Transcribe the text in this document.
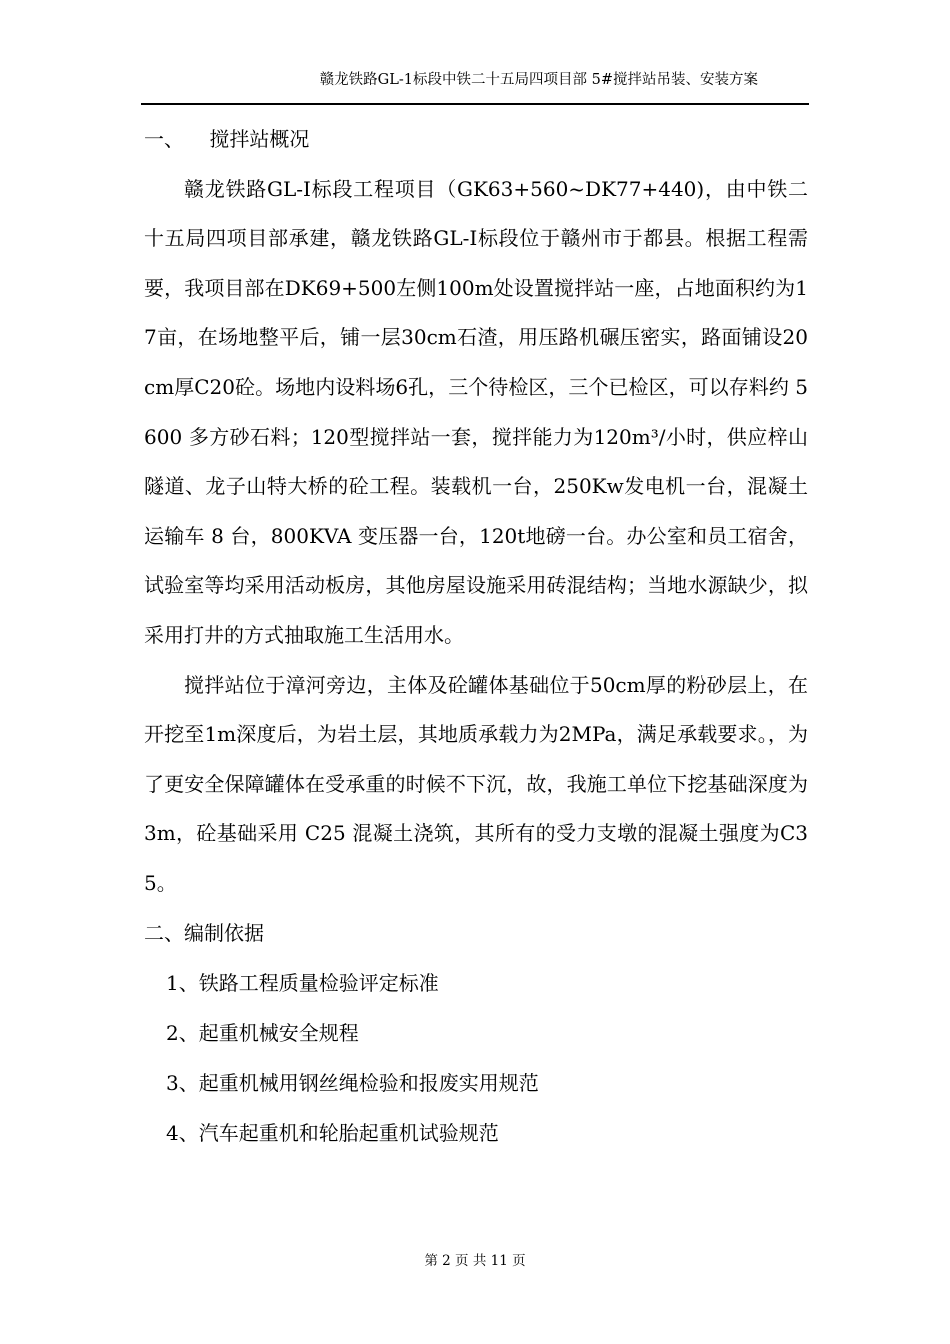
赣龙铁路GL-1标段中铁二十五局四项目部 5#搅拌站吊装、安装方案

一、    搅拌站概况

赣龙铁路GL-I标段工程项目（GK63+560~DK77+440)，由中铁二十五局四项目部承建，赣龙铁路GL-I标段位于赣州市于都县。根据工程需要，我项目部在DK69+500左侧100m处设置搅拌站一座，占地面积约为17亩，在场地整平后，铺一层30cm石渣，用压路机碾压密实，路面铺设20cm厚C20砼。场地内设料场6孔，三个待检区，三个已检区，可以存料约 5600 多方砂石料；120型搅拌站一套，搅拌能力为120m³/小时，供应梓山隧道、龙子山特大桥的砼工程。装载机一台，250Kw发电机一台，混凝土运输车 8 台，800KVA 变压器一台，120t地磅一台。办公室和员工宿舍，试验室等均采用活动板房，其他房屋设施采用砖混结构；当地水源缺少，拟采用打井的方式抽取施工生活用水。

搅拌站位于漳河旁边，主体及砼罐体基础位于50cm厚的粉砂层上，在开挖至1m深度后，为岩土层，其地质承载力为2MPa，满足承载要求。，为了更安全保障罐体在受承重的时候不下沉，故，我施工单位下挖基础深度为 3m，砼基础采用 C25 混凝土浇筑，其所有的受力支墩的混凝土强度为C35。

二、编制依据

1、铁路工程质量检验评定标准

2、起重机械安全规程

3、起重机械用钢丝绳检验和报废实用规范

4、汽车起重机和轮胎起重机试验规范

第 2 页 共 11 页
